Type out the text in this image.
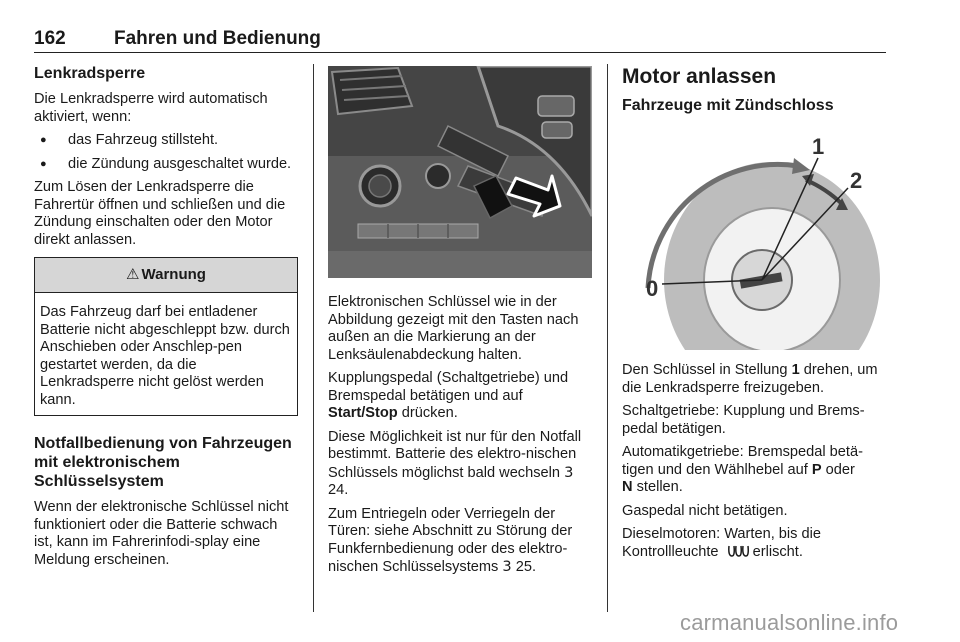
162	Fahren und Bedienung
Lenkradsperre

Die Lenkradsperre wird automatisch aktiviert, wenn:

● das Fahrzeug stillsteht.
● die Zündung ausgeschaltet wurde.

Zum Lösen der Lenkradsperre die Fahrertür öffnen und schließen und die Zündung einschalten oder den Motor direkt anlassen.

⚠ Warnung
Das Fahrzeug darf bei entladener Batterie nicht abgeschleppt bzw. durch Anschieben oder Anschlep-pen gestartet werden, da die Lenkradsperre nicht gelöst werden kann.
Notfallbedienung von Fahrzeugen mit elektronischem Schlüsselsystem

Wenn der elektronische Schlüssel nicht funktioniert oder die Batterie schwach ist, kann im Fahrerinfodi-splay eine Meldung erscheinen.

Elektronischen Schlüssel wie in der Abbildung gezeigt mit den Tasten nach außen an die Markierung an der Lenksäulenabdeckung halten.

Kupplungspedal (Schaltgetriebe) und Bremspedal betätigen und auf
Start/Stop drücken.

Diese Möglichkeit ist nur für den Notfall bestimmt. Batterie des elektro-nischen Schlüssels möglichst bald wechseln 3 24.

Zum Entriegeln oder Verriegeln der Türen: siehe Abschnitt zu Störung der Funkfernbedienung oder des elektro-nischen Schlüsselsystems 3 25.

Motor anlassen
Fahrzeuge mit Zündschloss
0
1
2

Den Schlüssel in Stellung 1 drehen, um die Lenkradsperre freizugeben.

Schaltgetriebe: Kupplung und Brems-pedal betätigen.

Automatikgetriebe: Bremspedal betä-tigen und den Wählhebel auf P oder
N stellen.

Gaspedal nicht betätigen.

Dieselmotoren: Warten, bis die Kontrollleuchte erlischt.

carmanualsonline.info
